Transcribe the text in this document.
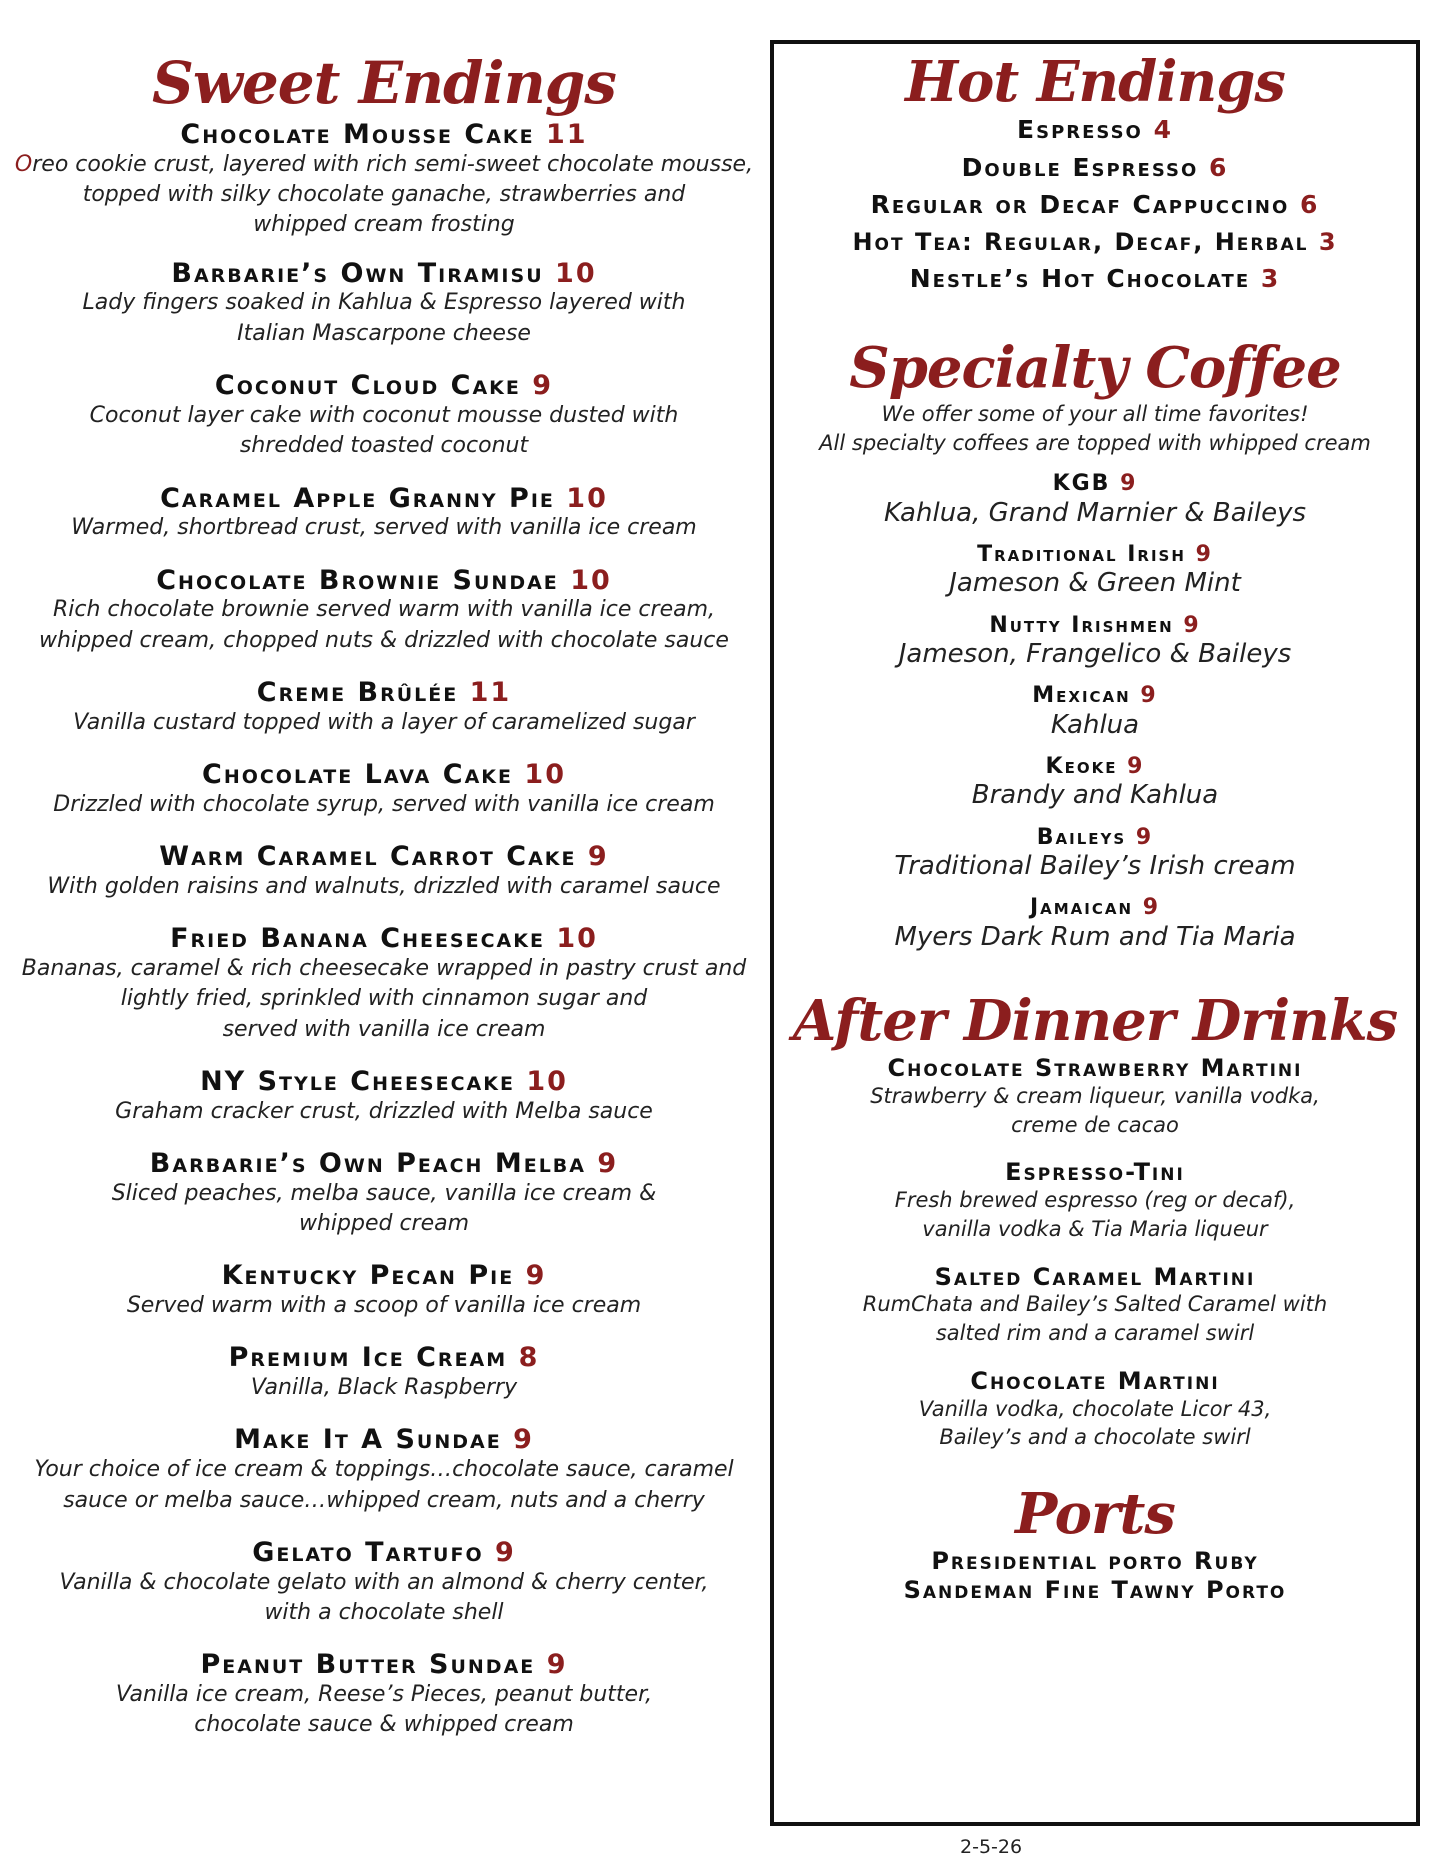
Sweet Endings
Chocolate Mousse Cake 11
Oreo cookie crust, layered with rich semi-sweet chocolate mousse,
topped with silky chocolate ganache, strawberries and
whipped cream frosting
Barbarie’s Own Tiramisu 10
Lady fingers soaked in Kahlua & Espresso layered with
Italian Mascarpone cheese
Coconut Cloud Cake 9
Coconut layer cake with coconut mousse dusted with
shredded toasted coconut
Caramel Apple Granny Pie 10
Warmed, shortbread crust, served with vanilla ice cream
Chocolate Brownie Sundae 10
Rich chocolate brownie served warm with vanilla ice cream,
whipped cream, chopped nuts & drizzled with chocolate sauce
Creme Brûlée 11
Vanilla custard topped with a layer of caramelized sugar
Chocolate Lava Cake 10
Drizzled with chocolate syrup, served with vanilla ice cream
Warm Caramel Carrot Cake 9
With golden raisins and walnuts, drizzled with caramel sauce
Fried Banana Cheesecake 10
Bananas, caramel & rich cheesecake wrapped in pastry crust and
lightly fried, sprinkled with cinnamon sugar and
served with vanilla ice cream
NY Style Cheesecake 10
Graham cracker crust, drizzled with Melba sauce
Barbarie’s Own Peach Melba 9
Sliced peaches, melba sauce, vanilla ice cream &
whipped cream
Kentucky Pecan Pie 9
Served warm with a scoop of vanilla ice cream
Premium Ice Cream 8
Vanilla, Black Raspberry
Make It A Sundae 9
Your choice of ice cream & toppings…chocolate sauce, caramel
sauce or melba sauce…whipped cream, nuts and a cherry
Gelato Tartufo 9
Vanilla & chocolate gelato with an almond & cherry center,
with a chocolate shell
Peanut Butter Sundae 9
Vanilla ice cream, Reese’s Pieces, peanut butter,
chocolate sauce & whipped cream
Hot Endings
Espresso 4
Double Espresso 6
Regular or Decaf Cappuccino 6
Hot Tea: Regular, Decaf, Herbal 3
Nestle’s Hot Chocolate 3
Specialty Coffee
We offer some of your all time favorites!
All specialty coffees are topped with whipped cream
KGB 9
Kahlua, Grand Marnier & Baileys
Traditional Irish 9
Jameson & Green Mint
Nutty Irishmen 9
Jameson, Frangelico & Baileys
Mexican 9
Kahlua
Keoke 9
Brandy and Kahlua
Baileys 9
Traditional Bailey’s Irish cream
Jamaican 9
Myers Dark Rum and Tia Maria
After Dinner Drinks
Chocolate Strawberry Martini
Strawberry & cream liqueur, vanilla vodka,
creme de cacao
Espresso-Tini
Fresh brewed espresso (reg or decaf),
vanilla vodka & Tia Maria liqueur
Salted Caramel Martini
RumChata and Bailey’s Salted Caramel with
salted rim and a caramel swirl
Chocolate Martini
Vanilla vodka, chocolate Licor 43,
Bailey’s and a chocolate swirl
Ports
Presidential porto Ruby
Sandeman Fine Tawny Porto
2-5-26
